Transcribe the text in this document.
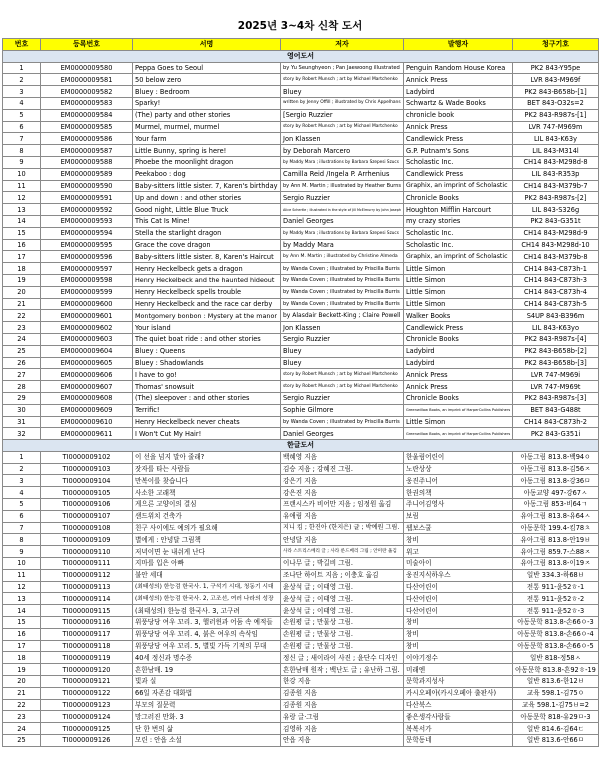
2025년 3~4차 신착 도서
번호	등록번호	서명	저자	발행자	청구기호
영어도서					
1	EM0000009580	Peppa Goes to Seoul	by Yu Seunghyeon ; Pan Jaewoong illustrated	Penguin Random House Korea	PK2 843-Y95pe
2	EM0000009581	50 below zero	story by Robert Munsch ; art by Michael Martchenko	Annick Press	LVR 843-M969f
3	EM0000009582	Bluey : Bedroom	Bluey	Ladybird	PK2 843-B658b-[1]
4	EM0000009583	Sparky!	written by Jenny Offill ; illustrated by Chris Appelhans	Schwartz & Wade Books	BET 843-O32s=2
5	EM0000009584	(The) party and other stories	[Sergio Ruzzier	chronicle book	PK2 843-R987s-[1]
6	EM0000009585	Murmel, murmel, murmel	story by Robert Munsch ; art by Michael Martchenko	Annick Press	LVR 747-M969m
7	EM0000009586	Your farm	Jon Klassen	Candlewick Press	LIL 843-K63y
8	EM0000009587	Little Bunny, spring is here!	by Deborah Marcero	G.P. Putnam's Sons	LIL 843-M314l
9	EM0000009588	Phoebe the moonlight dragon	by Maddy Mara ; illustrations by Barbara Szepesi Szucs	Scholastic Inc.	CH14 843-M298d-8
10	EM0000009589	Peekaboo : dog	Camilla Reid /Ingela P. Arrhenius	Candlewick Press	LIL 843-R353p
11	EM0000009590	Baby-sitters little sister. 7, Karen's birthday	by Ann M. Martin ; illustrated by Heather Burns	Graphix, an imprint of Scholastic	CH14 843-M379b-7
12	EM0000009591	Up and down : and other stories	Sergio Ruzzier	Chronicle Books	PK2 843-R987s-[2]
13	EM0000009592	Good night, Little Blue Truck	Alice Schertle ; illustrated in the style of Jill McElmurry by John Joseph	Houghton Mifflin Harcourt	LIL 843-S326g
14	EM0000009593	This Cat Is Mine!	Daniel Georges	my crazy stories	PK2 843-G351t
15	EM0000009594	Stella the starlight dragon	by Maddy Mara ; illustrations by Barbara Szepesi Szucs	Scholastic Inc.	CH14 843-M298d-9
16	EM0000009595	Grace the cove dragon	by Maddy Mara	Scholastic Inc.	CH14 843-M298d-10
17	EM0000009596	Baby-sitters little sister. 8, Karen's Haircut	by Ann M. Martin ; illustrated by Christine Almeda	Graphix, an imprint of Scholastic	CH14 843-M379b-8
18	EM0000009597	Henry Heckelbeck gets a dragon	by Wanda Coven ; illustrated by Priscilla Burris	Little Simon	CH14 843-C873h-1
19	EM0000009598	Henry Heckelbeck and the haunted hideout	by Wanda Coven ; illustrated by Priscilla Burris	Little Simon	CH14 843-C873h-3
20	EM0000009599	Henry Heckelbeck spells trouble	by Wanda Coven ; illustrated by Priscilla Burris	Little Simon	CH14 843-C873h-4
21	EM0000009600	Henry Heckelbeck and the race car derby	by Wanda Coven ; illustrated by Priscilla Burris	Little Simon	CH14 843-C873h-5
22	EM0000009601	Montgomery bonbon : Mystery at the manor	by Alasdair Beckett-King ; Claire Powell	Walker Books	S4UP 843-B396m
23	EM0000009602	Your island	Jon Klassen	Candlewick Press	LIL 843-K63yo
24	EM0000009603	The quiet boat ride : and other stories	Sergio Ruzzier	Chronicle Books	PK2 843-R987s-[4]
25	EM0000009604	Bluey : Queens	Bluey	Ladybird	PK2 843-B658b-[2]
26	EM0000009605	Bluey : Shadowlands	Bluey	Ladybird	PK2 843-B658b-[3]
27	EM0000009606	I have to go!	story by Robert Munsch ; art by Michael Martchenko	Annick Press	LVR 747-M969i
28	EM0000009607	Thomas' snowsuit	story by Robert Munsch ; art by Michael Martchenko	Annick Press	LVR 747-M969t
29	EM0000009608	(The) sleepover : and other stories	Sergio Ruzzier	Chronicle Books	PK2 843-R987s-[3]
30	EM0000009609	Terrific!	Sophie Gilmore	Greenwillow Books, an imprint of HarperCollins Publishers	BET 843-G488t
31	EM0000009610	Henry Heckelbeck never cheats	by Wanda Coven ; illustrated by Priscilla Burris	Little Simon	CH14 843-C873h-2
32	EM0000009611	I Won't Cut My Hair!	Daniel Georges	Greenwillow Books, an imprint of HarperCollins Publishers	PK2 843-G351i
한글도서					
1	TI0000009102	이 선을 넘지 말아 줄래?	백혜영 지음	한울림어린이	아동그림 813.8-백94ㅇ
2	TI0000009103	잣자를 타는 사람들	김승 지음 ; 강혜진 그림.	노란상상	아동그림 813.8-김56ㅈ
3	TI0000009104	만복이를 찾습니다	강은기 지음	웅진주니어	아동그림 813.8-강36ㅁ
4	TI0000009105	사소한 고래책	강은진 지음	한권의책	아동교양 497-강67ㅅ
5	TI0000009106	게으른 고양이의 결심	프랜시스카 비어만 지음 ; 임정원 옮김	주니어김영사	아동그림 853-비64ㄱ
6	TI0000009107	샌드위치 건축가	유애림 지음	보림	유아그림 813.8-유64ㅅ
7	TI0000009108	친구 사이에도 예의가 필요해	지니 킴 ; 한진아 (한지은) 글 ; 박예원 그림.	웹보스쿨	아동문학 199.4-킴78ㅊ
8	TI0000009109	별에게 : 안녕달 그림책	안녕달 지음	창비	유아그림 813.8-안19ㅂ
9	TI0000009110	저녁이면 눈 내쉬게 난다	사라 스트리스베리 글 ; 사라 룬드베리 그림 ; 안미란 옮김	위고	유아그림 859.7-스88ㅈ
10	TI0000009111	지마를 입은 아빠	이나무 글 ; 박길비 그림.	미술아이	유아그림 813.8-이19ㅈ
11	TI0000009112	불안 세대	조나단 하이트 지음 ; 이충호 옮김	웅진지식하우스	일반 334.3-하68ㅂ
12	TI0000009113	(최태성의) 한능검 한국사. 1, 구석기 시대, 청동기 시대	윤상석 글 ; 이태영 그림.	다산어린이	전통 911-윤52ㅎ-1
13	TI0000009114	(최태성의) 한능검 한국사. 2, 고조선, 여러 나라의 성장	윤상석 글 ; 이태영 그림.	다산어린이	전통 911-윤52ㅎ-2
14	TI0000009115	(최태성의) 한능검 한국사. 3, 고구려	윤상석 글 ; 이태영 그림.	다산어린이	전통 911-윤52ㅎ-3
15	TI0000009116	위풍당당 여우 꼬리. 3, 핼러윈과 어둠 속 예적들	손원평 글 ; 만물상 그림.	창비	아동문학 813.8-손66ㅇ-3
16	TI0000009117	위풍당당 여우 꼬리. 4, 붉은 여우의 속삭임	손원평 글 ; 만물상 그림.	창비	아동문학 813.8-손66ㅇ-4
17	TI0000009118	위풍당당 여우 꼬리. 5, 별빛 가득 기적의 무대	손원평 글 ; 만물상 그림.	창비	아동문학 813.8-손66ㅇ-5
18	TI0000009119	40세 정신과 명수증	정신 글 ; 새이라이 사진 ; 윤단수 디자인	이야기정수	일반 818-정58ㅅ
19	TI0000009120	흔한남매. 19	흔한남매 원작 ; 백난도 글 ; 유난하 그림.	미래엔	아동문학 813.8-흔92ㅎ-19
20	TI0000009121	빛과 실	한강 지음	문학과지성사	일반 813.6-한12ㅂ
21	TI0000009122	66일 자존감 대화법	김종원 지음	카시오페아(카시오페아 출판사)	교육 598.1-김75ㅇ
22	TI0000009123	부모의 질문력	김종원 지음	다산북스	교육 598.1-김75ㅂ=2
23	TI0000009124	망그러진 만화. 3	유랑 글·그림	좋은생각사람들	아동문학 818-유29ㅁ-3
24	TI0000009125	단 한 번의 삶	김영하 지음	복복서가	일반 814.6-김64ㄷ
25	TI0000009126	모린 : 안읍 소설	안읍 지음	문학동네	일반 813.6-안66ㅁ
